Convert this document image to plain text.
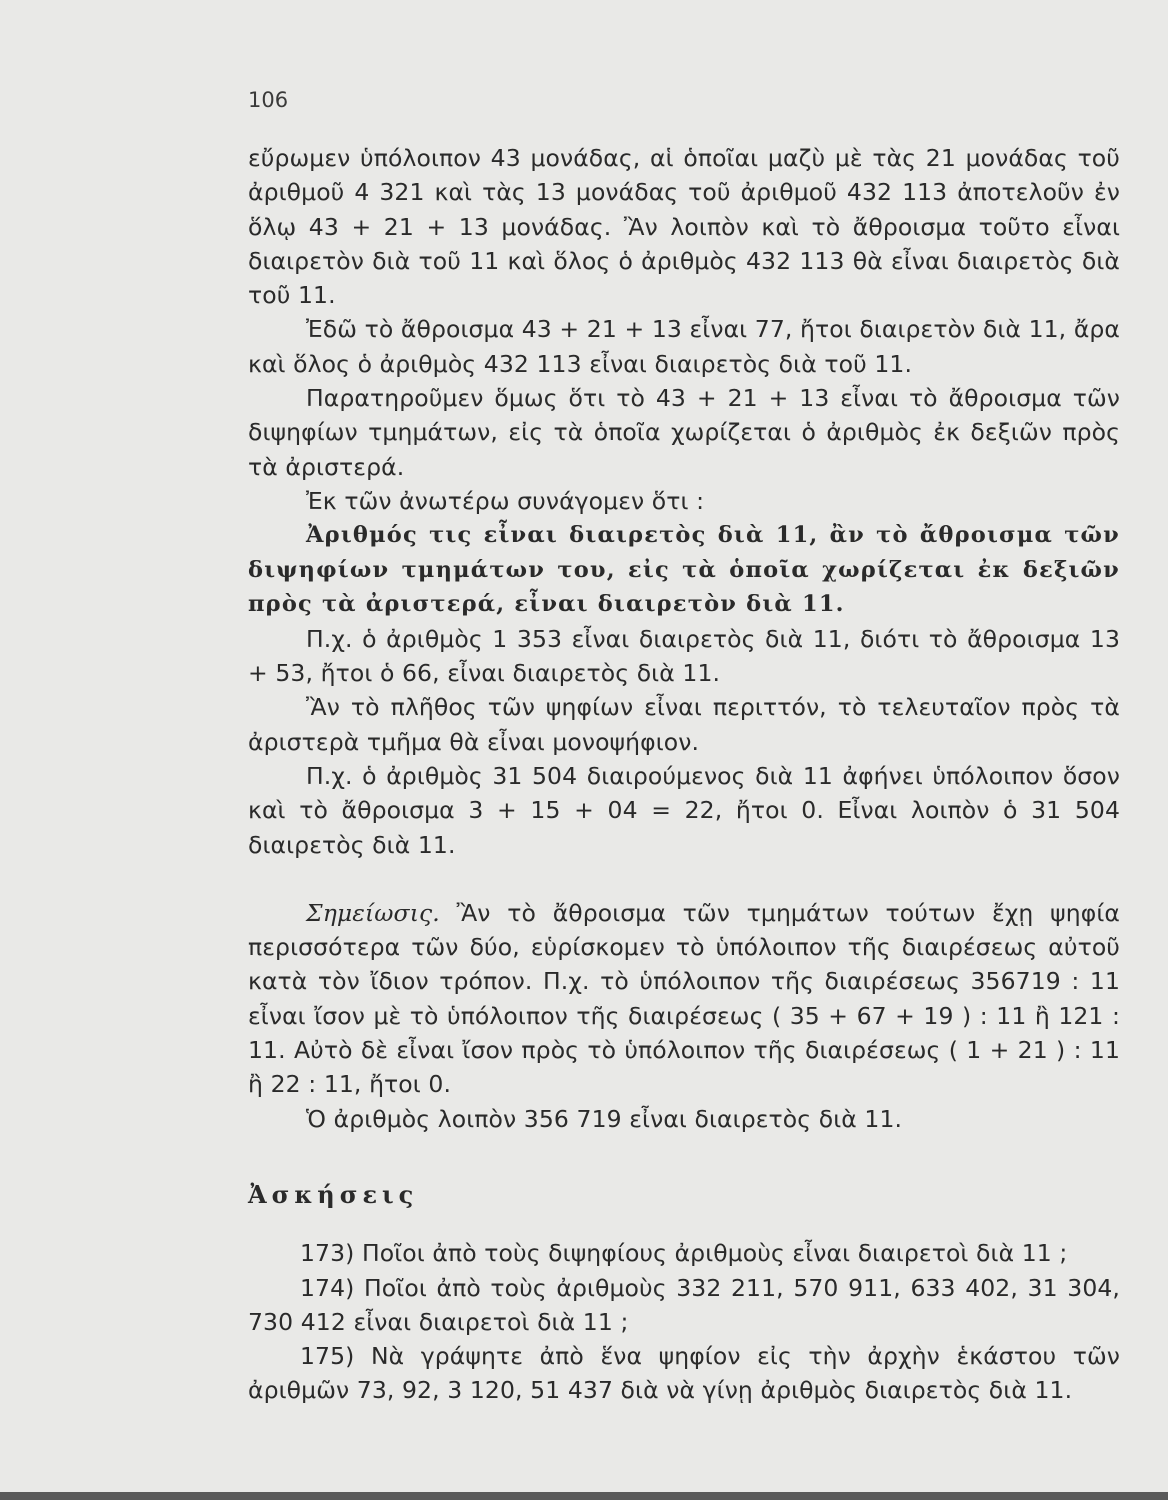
106

εὔρωμεν ὑπόλοιπον 43 μονάδας, αἱ ὁποῖαι μαζὺ μὲ τὰς 21 μονάδας τοῦ ἀριθμοῦ 4 321 καὶ τὰς 13 μονάδας τοῦ ἀριθμοῦ 432 113 ἀποτελοῦν ἐν ὅλῳ 43 + 21 + 13 μονάδας. Ἂν λοιπὸν καὶ τὸ ἄθροισμα τοῦτο εἶναι διαιρετὸν διὰ τοῦ 11 καὶ ὅλος ὁ ἀριθμὸς 432 113 θὰ εἶναι διαιρετὸς διὰ τοῦ 11.

Ἐδῶ τὸ ἄθροισμα 43 + 21 + 13 εἶναι 77, ἤτοι διαιρετὸν διὰ 11, ἄρα καὶ ὅλος ὁ ἀριθμὸς 432 113 εἶναι διαιρετὸς διὰ τοῦ 11.

Παρατηροῦμεν ὅμως ὅτι τὸ 43 + 21 + 13 εἶναι τὸ ἄθροισμα τῶν διψηφίων τμημάτων, εἰς τὰ ὁποῖα χωρίζεται ὁ ἀριθμὸς ἐκ δεξιῶν πρὸς τὰ ἀριστερά.

Ἐκ τῶν ἀνωτέρω συνάγομεν ὅτι :

Ἀριθμός τις εἶναι διαιρετὸς διὰ 11, ἂν τὸ ἄθροισμα τῶν διψηφίων τμημάτων του, εἰς τὰ ὁποῖα χωρίζεται ἐκ δεξιῶν πρὸς τὰ ἀριστερά, εἶναι διαιρετὸν διὰ 11.

Π.χ. ὁ ἀριθμὸς 1 353 εἶναι διαιρετὸς διὰ 11, διότι τὸ ἄθροισμα 13 + 53, ἤτοι ὁ 66, εἶναι διαιρετὸς διὰ 11.

Ἂν τὸ πλῆθος τῶν ψηφίων εἶναι περιττόν, τὸ τελευταῖον πρὸς τὰ ἀριστερὰ τμῆμα θὰ εἶναι μονοψήφιον.

Π.χ. ὁ ἀριθμὸς 31 504 διαιρούμενος διὰ 11 ἀφήνει ὑπόλοιπον ὅσον καὶ τὸ ἄθροισμα 3 + 15 + 04 = 22, ἤτοι 0. Εἶναι λοιπὸν ὁ 31 504 διαιρετὸς διὰ 11.

Σημείωσις. Ἂν τὸ ἄθροισμα τῶν τμημάτων τούτων ἔχῃ ψηφία περισσότερα τῶν δύο, εὑρίσκομεν τὸ ὑπόλοιπον τῆς διαιρέσεως αὐτοῦ κατὰ τὸν ἴδιον τρόπον. Π.χ. τὸ ὑπόλοιπον τῆς διαιρέσεως 356719 : 11 εἶναι ἴσον μὲ τὸ ὑπόλοιπον τῆς διαιρέσεως ( 35 + 67 + 19 ) : 11 ἢ 121 : 11. Αὐτὸ δὲ εἶναι ἴσον πρὸς τὸ ὑπόλοιπον τῆς διαιρέσεως ( 1 + 21 ) : 11 ἢ 22 : 11, ἤτοι 0.

Ὁ ἀριθμὸς λοιπὸν 356 719 εἶναι διαιρετὸς διὰ 11.

Ἀσκήσεις

173) Ποῖοι ἀπὸ τοὺς διψηφίους ἀριθμοὺς εἶναι διαιρετοὶ διὰ 11 ;

174) Ποῖοι ἀπὸ τοὺς ἀριθμοὺς 332 211, 570 911, 633 402, 31 304, 730 412 εἶναι διαιρετοὶ διὰ 11 ;

175) Νὰ γράψητε ἀπὸ ἕνα ψηφίον εἰς τὴν ἀρχὴν ἑκάστου τῶν ἀριθμῶν 73, 92, 3 120, 51 437 διὰ νὰ γίνῃ ἀριθμὸς διαιρετὸς διὰ 11.
